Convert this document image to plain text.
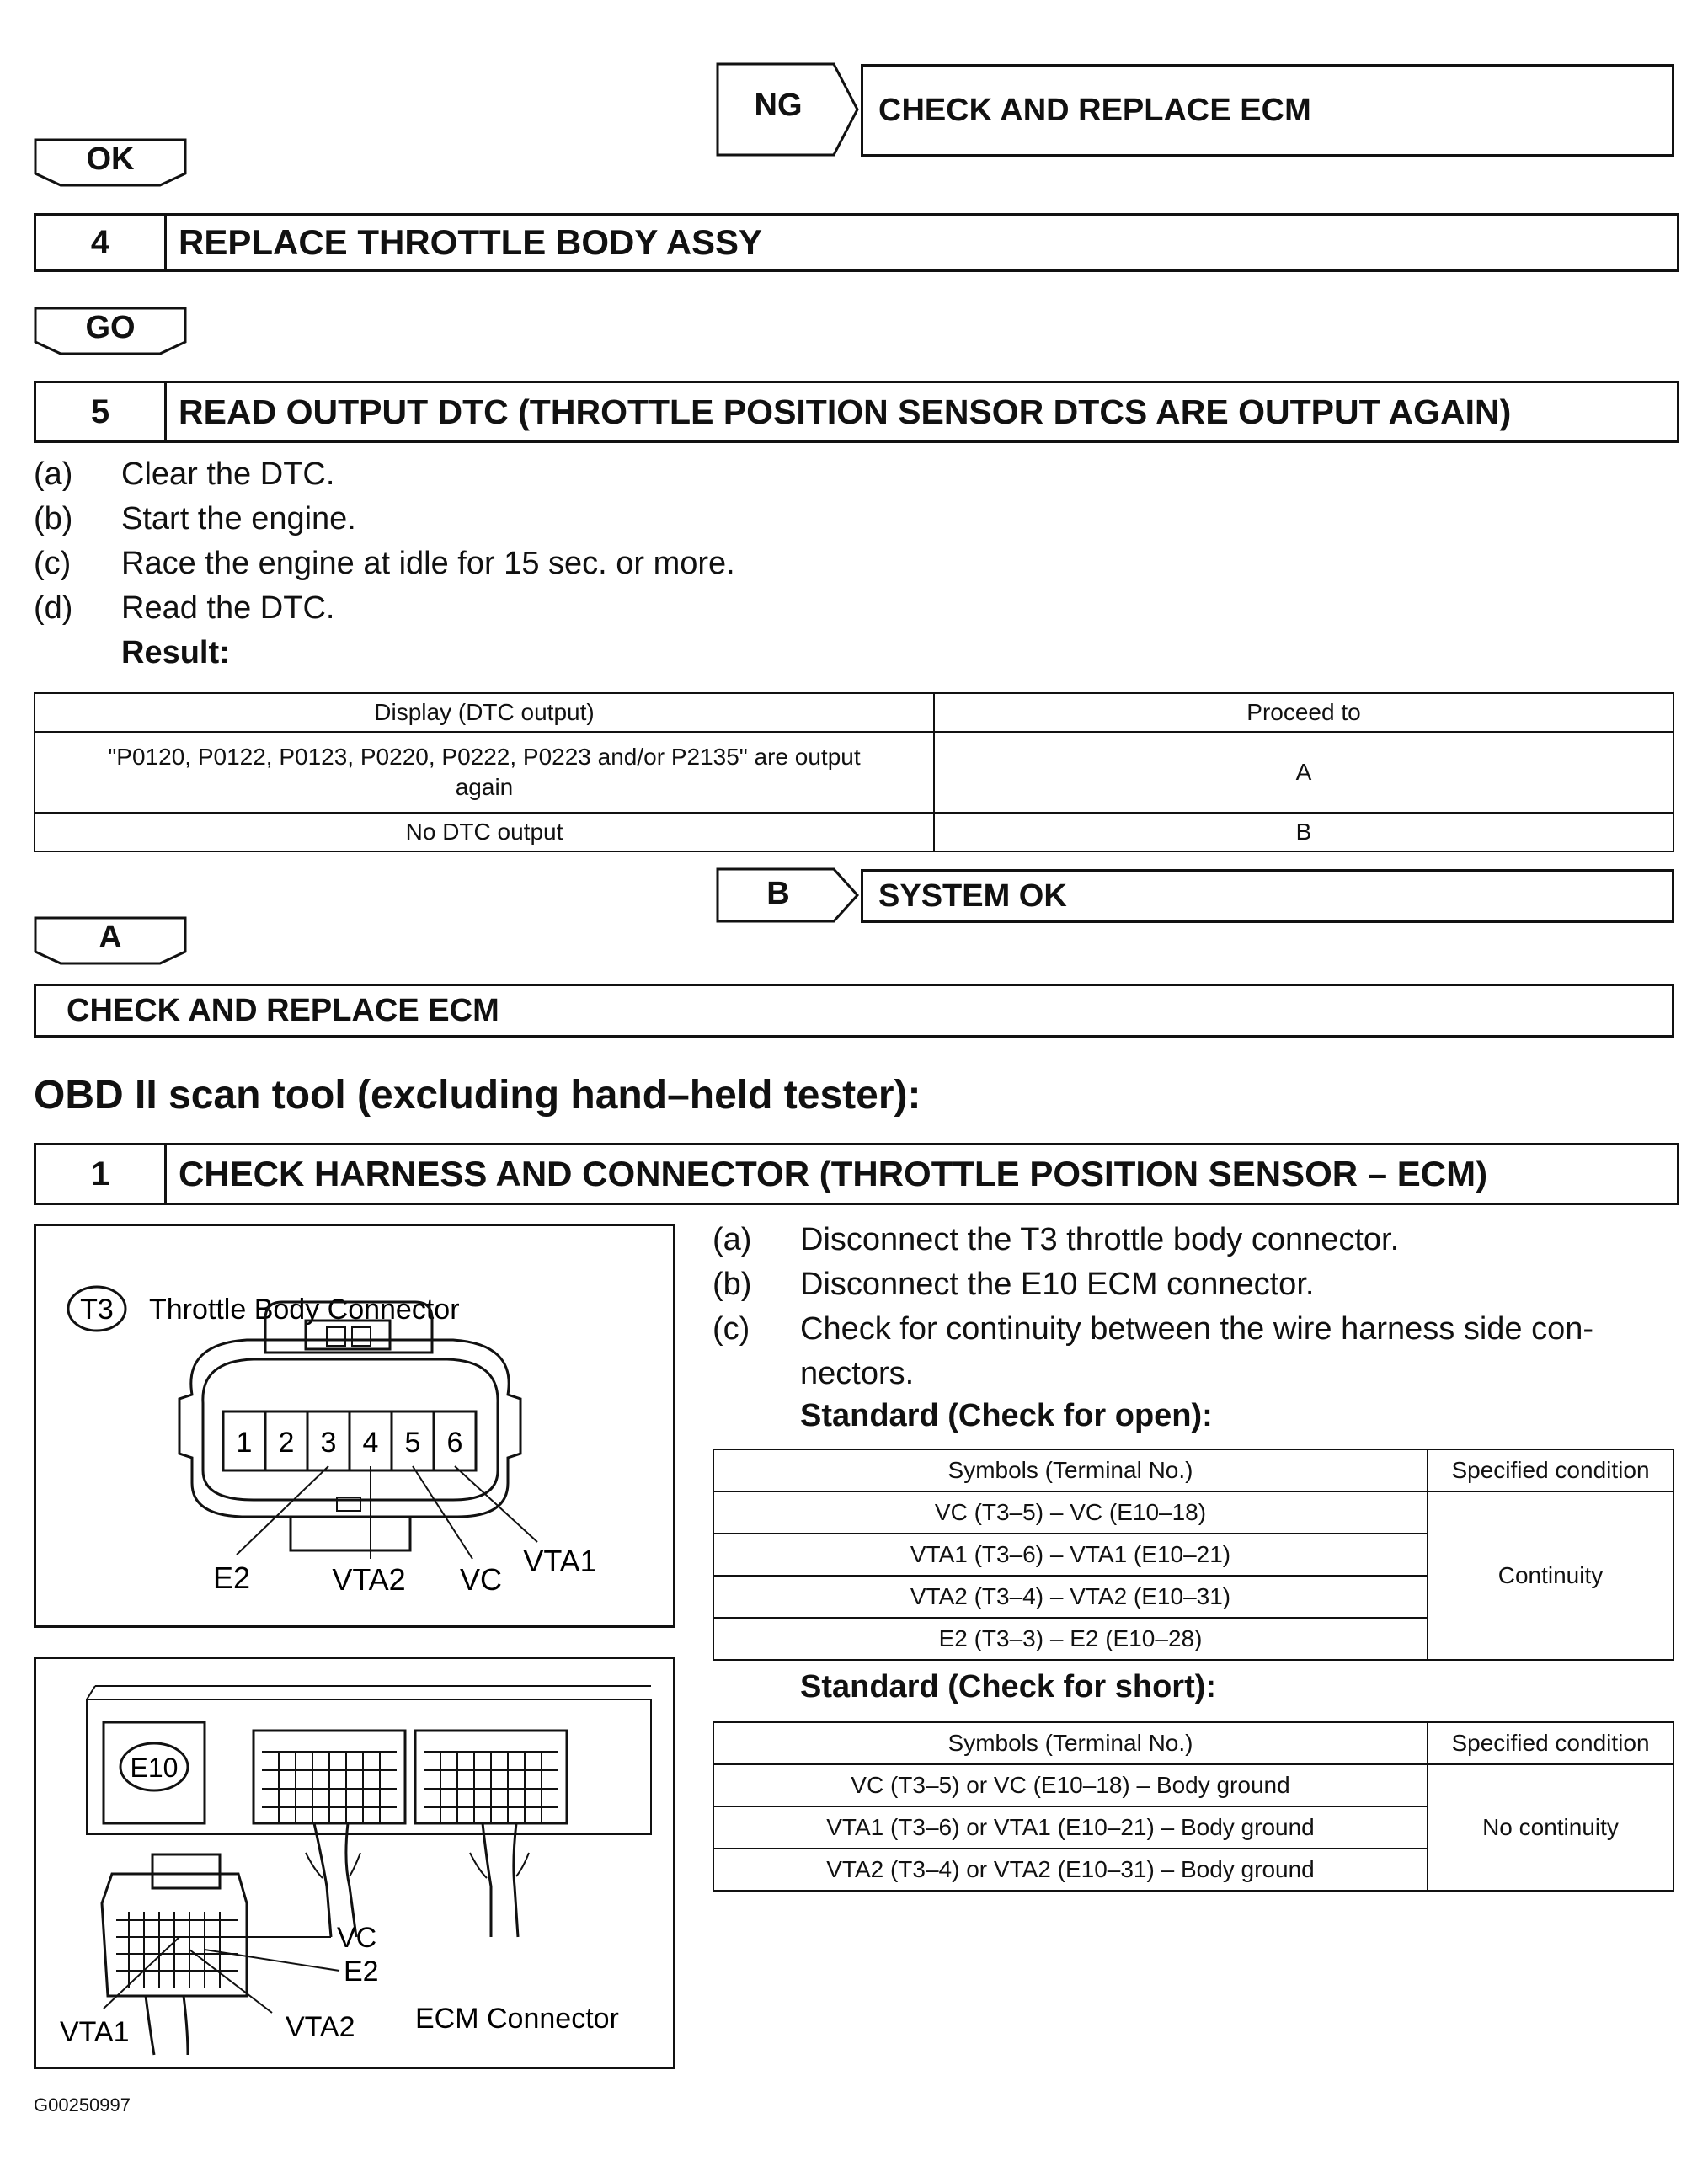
NG	CHECK AND REPLACE ECM
OK
4	REPLACE THROTTLE BODY ASSY
GO
5	READ OUTPUT DTC (THROTTLE POSITION SENSOR DTCS ARE OUTPUT AGAIN)
(a)	Clear the DTC.
(b)	Start the engine.
(c)	Race the engine at idle for 15 sec. or more.
(d)	Read the DTC.
Result:
Display (DTC output)	Proceed to
"P0120, P0122, P0123, P0220, P0222, P0223 and/or P2135" are output again	A
No DTC output	B
B	SYSTEM OK
A
CHECK AND REPLACE ECM
OBD II scan tool (excluding hand–held tester):
1	CHECK HARNESS AND CONNECTOR (THROTTLE POSITION SENSOR – ECM)
T3 Throttle Body Connector
1 2 3 4 5 6
E2	VTA2 VC
VTA1
E10
VC
E2
VTA1	VTA2 ECM Connector
(a)	Disconnect the T3 throttle body connector.
(b)	Disconnect the E10 ECM connector.
(c)	Check for continuity between the wire harness side con-
nectors.
Standard (Check for open):
Symbols (Terminal No.)	Specified condition
VC (T3–5) – VC (E10–18)	Continuity
VTA1 (T3–6) – VTA1 (E10–21)	
VTA2 (T3–4) – VTA2 (E10–31)	
E2 (T3–3) – E2 (E10–28)	
Standard (Check for short):
Symbols (Terminal No.)	Specified condition
VC (T3–5) or VC (E10–18) – Body ground	No continuity
VTA1 (T3–6) or VTA1 (E10–21) – Body ground	
VTA2 (T3–4) or VTA2 (E10–31) – Body ground	
G00250997
